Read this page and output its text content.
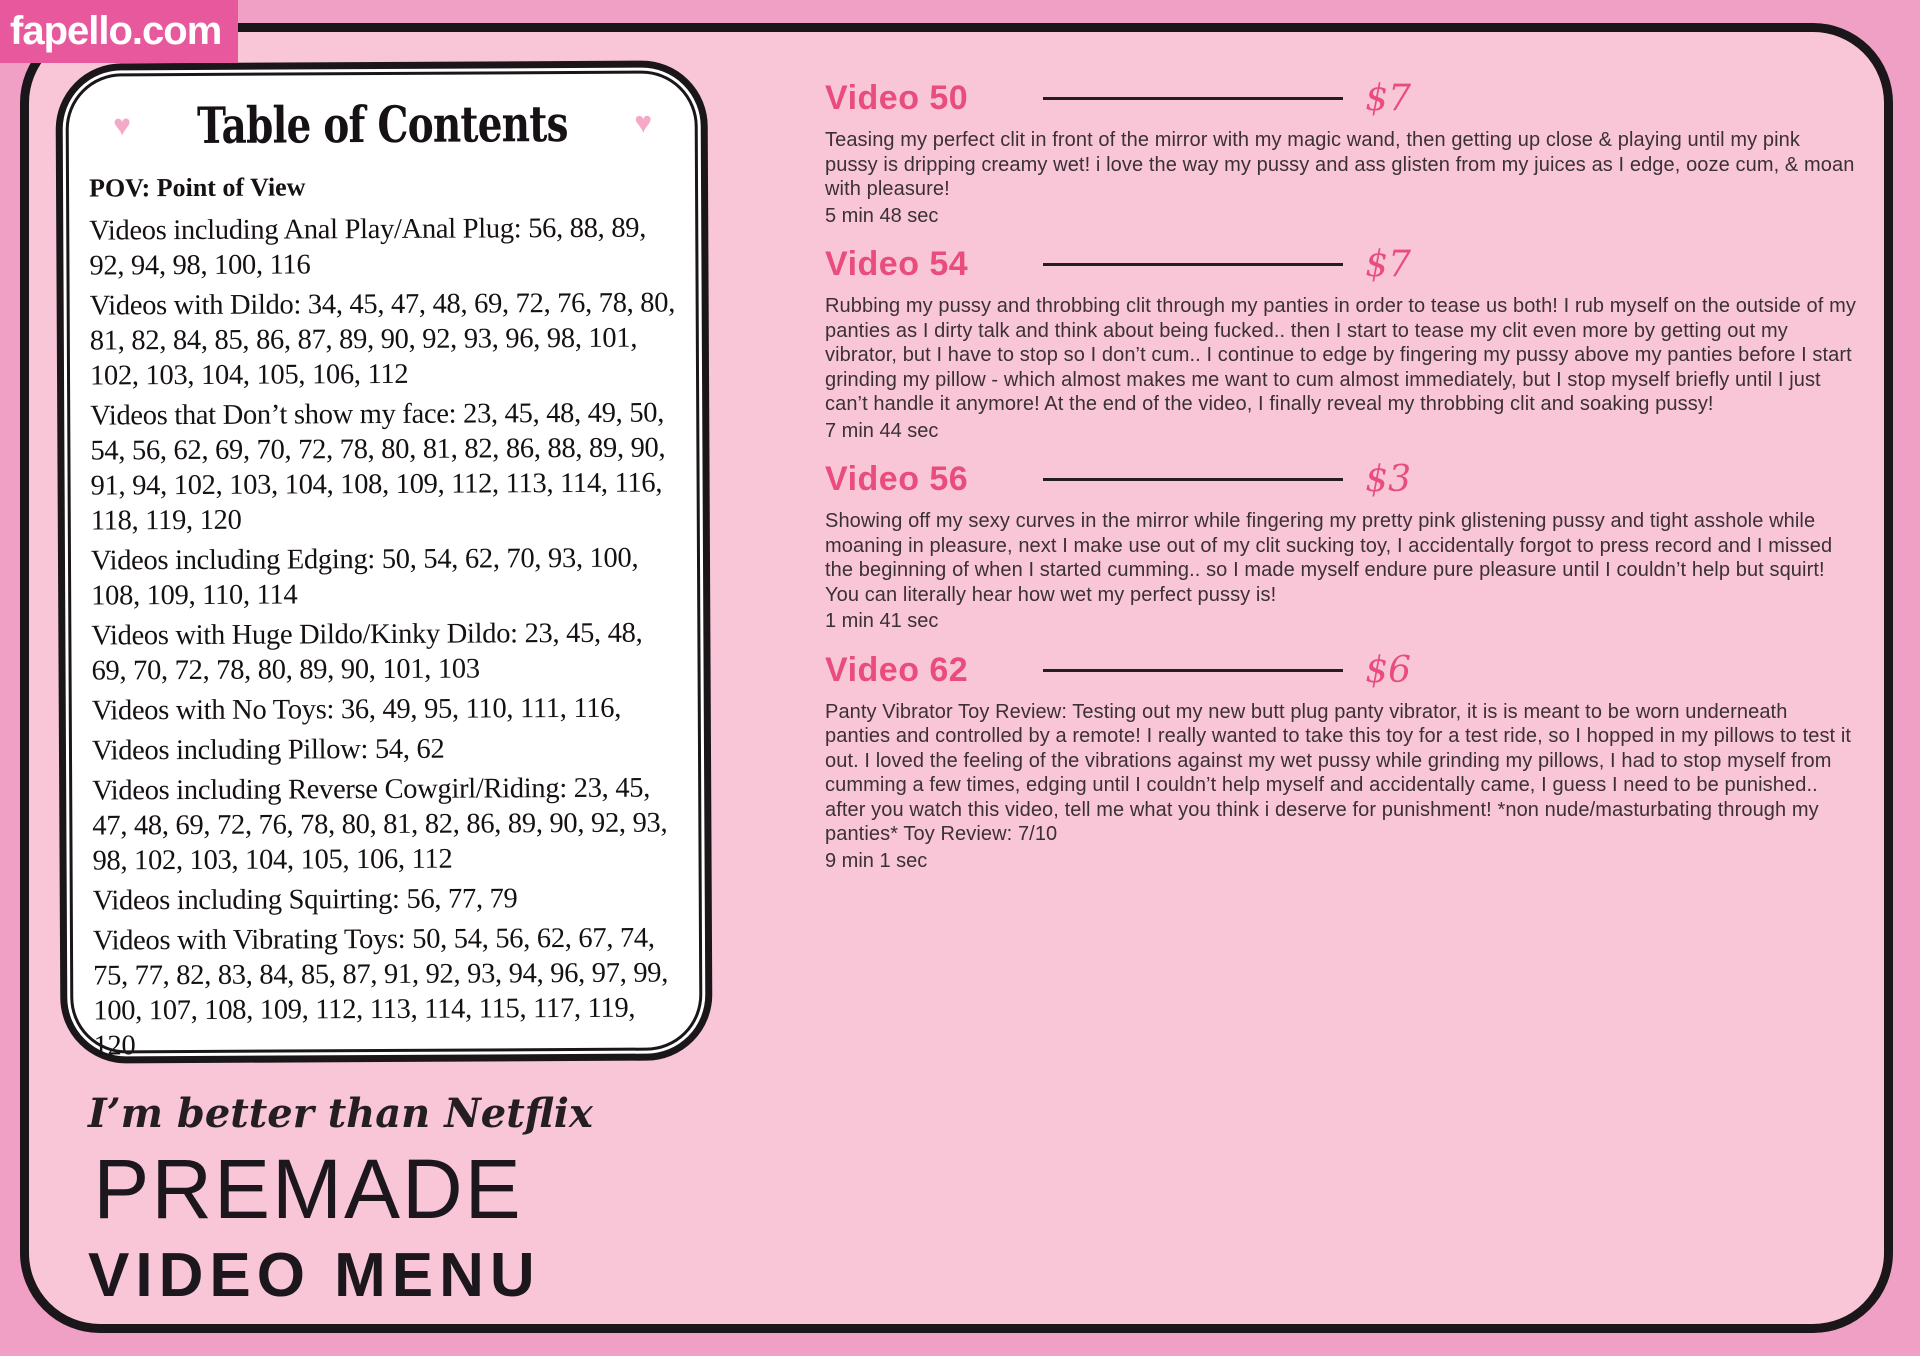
fapello.com
♥ Table of Contents ♥

POV: Point of View

Videos including Anal Play/Anal Plug: 56, 88, 89, 92, 94, 98, 100, 116
Videos with Dildo: 34, 45, 47, 48, 69, 72, 76, 78, 80, 81, 82, 84, 85, 86, 87, 89, 90, 92, 93, 96, 98, 101, 102, 103, 104, 105, 106, 112
Videos that Don’t show my face: 23, 45, 48, 49, 50, 54, 56, 62, 69, 70, 72, 78, 80, 81, 82, 86, 88, 89, 90, 91, 94, 102, 103, 104, 108, 109, 112, 113, 114, 116, 118, 119, 120
Videos including Edging: 50, 54, 62, 70, 93, 100, 108, 109, 110, 114
Videos with Huge Dildo/Kinky Dildo: 23, 45, 48, 69, 70, 72, 78, 80, 89, 90, 101, 103
Videos with No Toys: 36, 49, 95, 110, 111, 116,
Videos including Pillow: 54, 62
Videos including Reverse Cowgirl/Riding: 23, 45, 47, 48, 69, 72, 76, 78, 80, 81, 82, 86, 89, 90, 92, 93, 98, 102, 103, 104, 105, 106, 112
Videos including Squirting: 56, 77, 79
Videos with Vibrating Toys: 50, 54, 56, 62, 67, 74, 75, 77, 82, 83, 84, 85, 87, 91, 92, 93, 94, 96, 97, 99, 100, 107, 108, 109, 112, 113, 114, 115, 117, 119, 120
Video 50	$7

Teasing my perfect clit in front of the mirror with my magic wand, then getting up close & playing until my pink pussy is dripping creamy wet! i love the way my pussy and ass glisten from my juices as I edge, ooze cum, & moan with pleasure!

5 min 48 sec
Video 54	$7

Rubbing my pussy and throbbing clit through my panties in order to tease us both! I rub myself on the outside of my panties as I dirty talk and think about being fucked.. then I start to tease my clit even more by getting out my vibrator, but I have to stop so I don’t cum.. I continue to edge by fingering my pussy above my panties before I start grinding my pillow - which almost makes me want to cum almost immediately, but I stop myself briefly until I just can’t handle it anymore! At the end of the video, I finally reveal my throbbing clit and soaking pussy!

7 min 44 sec
Video 56	$3

Showing off my sexy curves in the mirror while fingering my pretty pink glistening pussy and tight asshole while moaning in pleasure, next I make use out of my clit sucking toy, I accidentally forgot to press record and I missed the beginning of when I started cumming.. so I made myself endure pure pleasure until I couldn’t help but squirt! You can literally hear how wet my perfect pussy is!

1 min 41 sec
Video 62	$6

Panty Vibrator Toy Review: Testing out my new butt plug panty vibrator, it is is meant to be worn underneath panties and controlled by a remote! I really wanted to take this toy for a test ride, so I hopped in my pillows to test it out. I loved the feeling of the vibrations against my wet pussy while grinding my pillows, I had to stop myself from cumming a few times, edging until I couldn’t help myself and accidentally came, I guess I need to be punished.. after you watch this video, tell me what you think i deserve for punishment! *non nude/masturbating through my panties* Toy Review: 7/10

9 min 1 sec
I’m better than Netflix
PREMADE
VIDEO MENU
